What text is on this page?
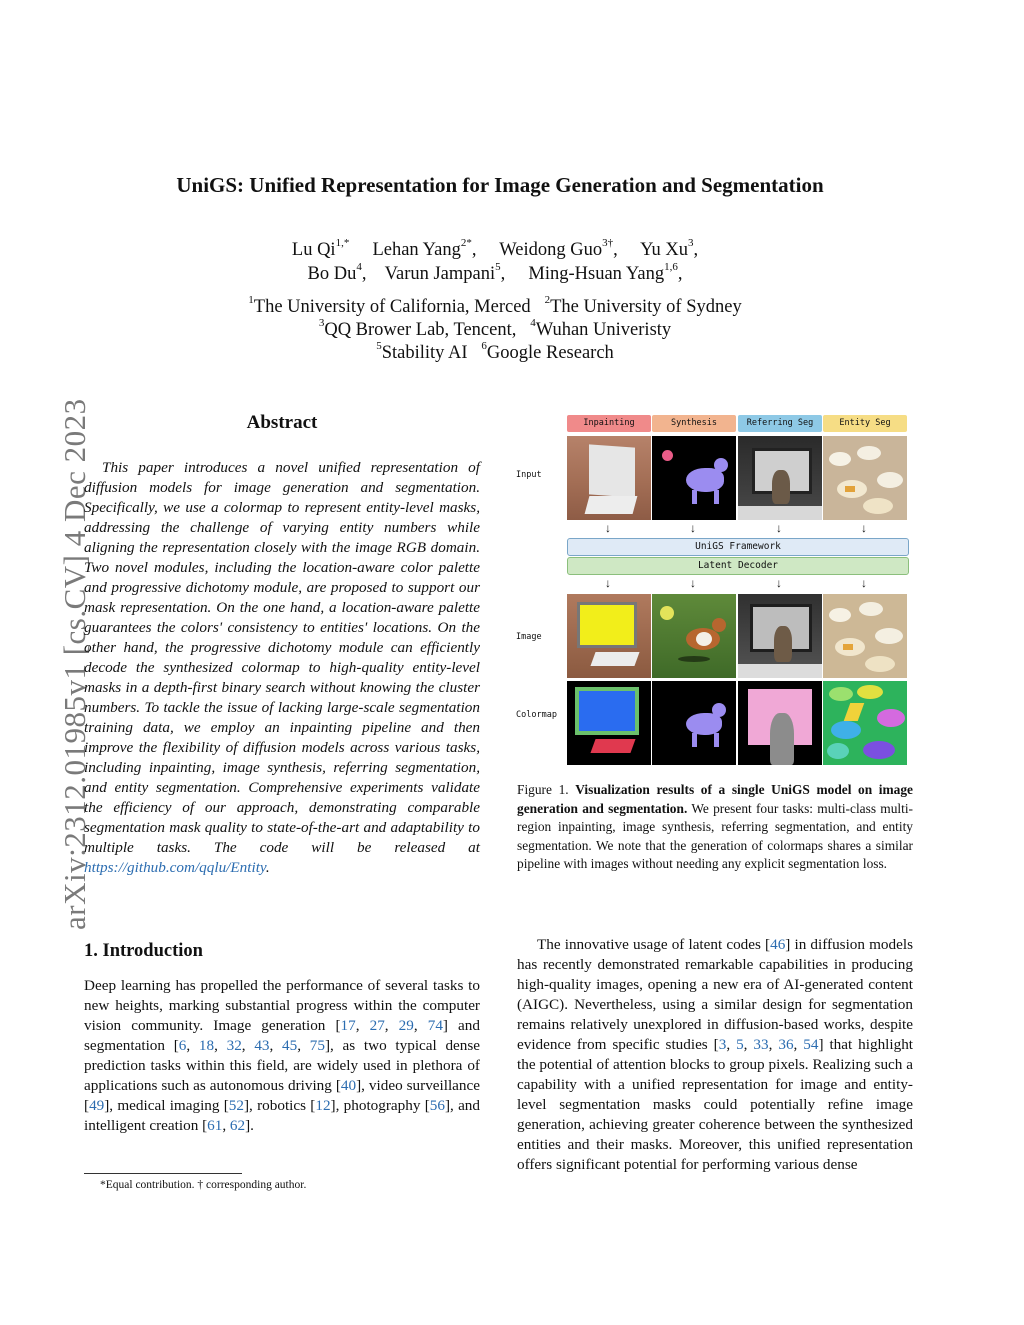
arXiv:2312.01985v1 [cs.CV] 4 Dec 2023
UniGS: Unified Representation for Image Generation and Segmentation
Lu $Qi^{1,*}$ Lehan Yang$^{2*}$, Weidong Guo$^{3\dagger}$, Yu Xu$^3$,
Bo Du$^4$, Varun Jampani$^5$, Ming-Hsuan Yang$^{1,6}$,
$^1$The University of California, Merced $^2$The University of Sydney
$^3$QQ Brower Lab, Tencent, $^4$Wuhan Univeristy
$^5$Stability AI $^6$Google Research
Abstract
This paper introduces a novel unified representation of diffusion models for image generation and segmentation. Specifically, we use a colormap to represent entity-level masks, addressing the challenge of varying entity numbers while aligning the representation closely with the image RGB domain. Two novel modules, including the location-aware color palette and progressive dichotomy module, are proposed to support our mask representation. On the one hand, a location-aware palette guarantees the colors' consistency to entities' locations. On the other hand, the progressive dichotomy module can efficiently decode the synthesized colormap to high-quality entity-level masks in a depth-first binary search without knowing the cluster numbers. To tackle the issue of lacking large-scale segmentation training data, we employ an inpainting pipeline and then improve the flexibility of diffusion models across various tasks, including inpainting, image synthesis, referring segmentation, and entity segmentation. Comprehensive experiments validate the efficiency of our approach, demonstrating comparable segmentation mask quality to state-of-the-art and adaptability to multiple tasks. The code will be released at https://github.com/qqlu/Entity.
Inpainting	Synthesis	Referring Seg	Entity Seg
Input
Image
Colormap
↓	↓	↓	↓
UniGS Framework
Latent Decoder
↓	↓	↓	↓
Figure 1. Visualization results of a single UniGS model on image generation and segmentation. We present four tasks: multi-class multi-region inpainting, image synthesis, referring segmentation, and entity segmentation. We note that the generation of colormaps shares a similar pipeline with images without needing any explicit segmentation loss.
1. Introduction
Deep learning has propelled the performance of several tasks to new heights, marking substantial progress within the computer vision community. Image generation [17, 27, 29, 74] and segmentation [6, 18, 32, 43, 45, 75], as two typical dense prediction tasks within this field, are widely used in plethora of applications such as autonomous driving [40], video surveillance [49], medical imaging [52], robotics [12], photography [56], and intelligent creation [61, 62].
*Equal contribution. † corresponding author.
The innovative usage of latent codes [46] in diffusion models has recently demonstrated remarkable capabilities in producing high-quality images, opening a new era of AI-generated content (AIGC). Nevertheless, using a similar design for segmentation remains relatively unexplored in diffusion-based works, despite evidence from specific studies [3, 5, 33, 36, 54] that highlight the potential of attention blocks to group pixels. Realizing such a capability with a unified representation for image and entity-level segmentation masks could potentially refine image generation, achieving greater coherence between the synthesized entities and their masks. Moreover, this unified representation offers significant potential for performing various dense
